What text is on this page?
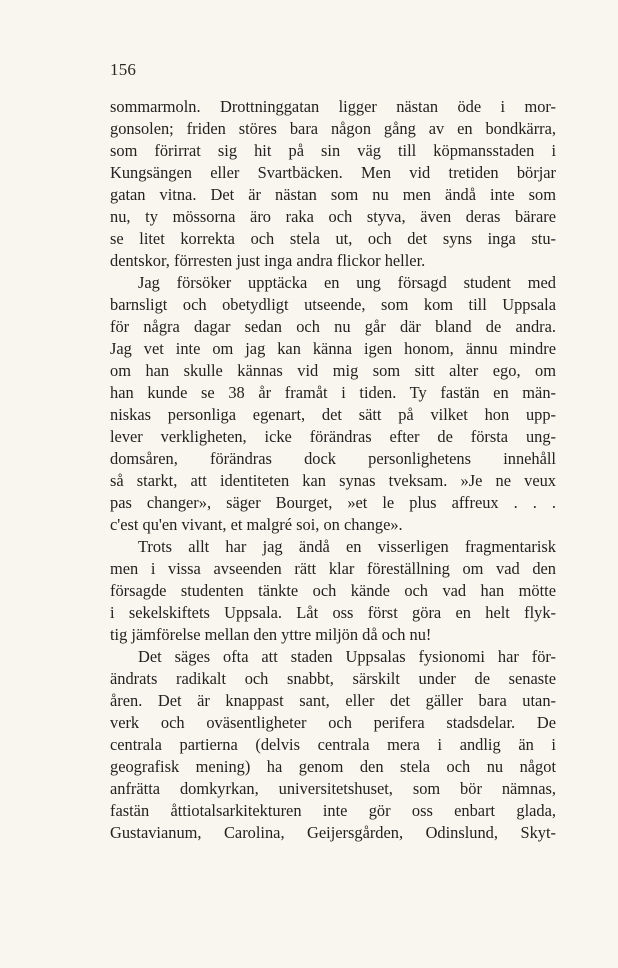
156
sommarmoln. Drottninggatan ligger nästan öde i mor-
gonsolen; friden störes bara någon gång av en bondkärra,
som förirrat sig hit på sin väg till köpmansstaden i
Kungsängen eller Svartbäcken. Men vid tretiden börjar
gatan vitna. Det är nästan som nu men ändå inte som
nu, ty mössorna äro raka och styva, även deras bärare
se litet korrekta och stela ut, och det syns inga stu-
dentskor, förresten just inga andra flickor heller.
Jag försöker upptäcka en ung försagd student med
barnsligt och obetydligt utseende, som kom till Uppsala
för några dagar sedan och nu går där bland de andra.
Jag vet inte om jag kan känna igen honom, ännu mindre
om han skulle kännas vid mig som sitt alter ego, om
han kunde se 38 år framåt i tiden. Ty fastän en män-
niskas personliga egenart, det sätt på vilket hon upp-
lever verkligheten, icke förändras efter de första ung-
domsåren, förändras dock personlighetens innehåll
så starkt, att identiteten kan synas tveksam. »Je ne veux
pas changer», säger Bourget, »et le plus affreux . . .
c'est qu'en vivant, et malgré soi, on change».
Trots allt har jag ändå en visserligen fragmentarisk
men i vissa avseenden rätt klar föreställning om vad den
försagde studenten tänkte och kände och vad han mötte
i sekelskiftets Uppsala. Låt oss först göra en helt flyk-
tig jämförelse mellan den yttre miljön då och nu!
Det säges ofta att staden Uppsalas fysionomi har för-
ändrats radikalt och snabbt, särskilt under de senaste
åren. Det är knappast sant, eller det gäller bara utan-
verk och oväsentligheter och perifera stadsdelar. De
centrala partierna (delvis centrala mera i andlig än i
geografisk mening) ha genom den stela och nu något
anfrätta domkyrkan, universitetshuset, som bör nämnas,
fastän åttiotalsarkitekturen inte gör oss enbart glada,
Gustavianum, Carolina, Geijersgården, Odinslund, Skyt-
